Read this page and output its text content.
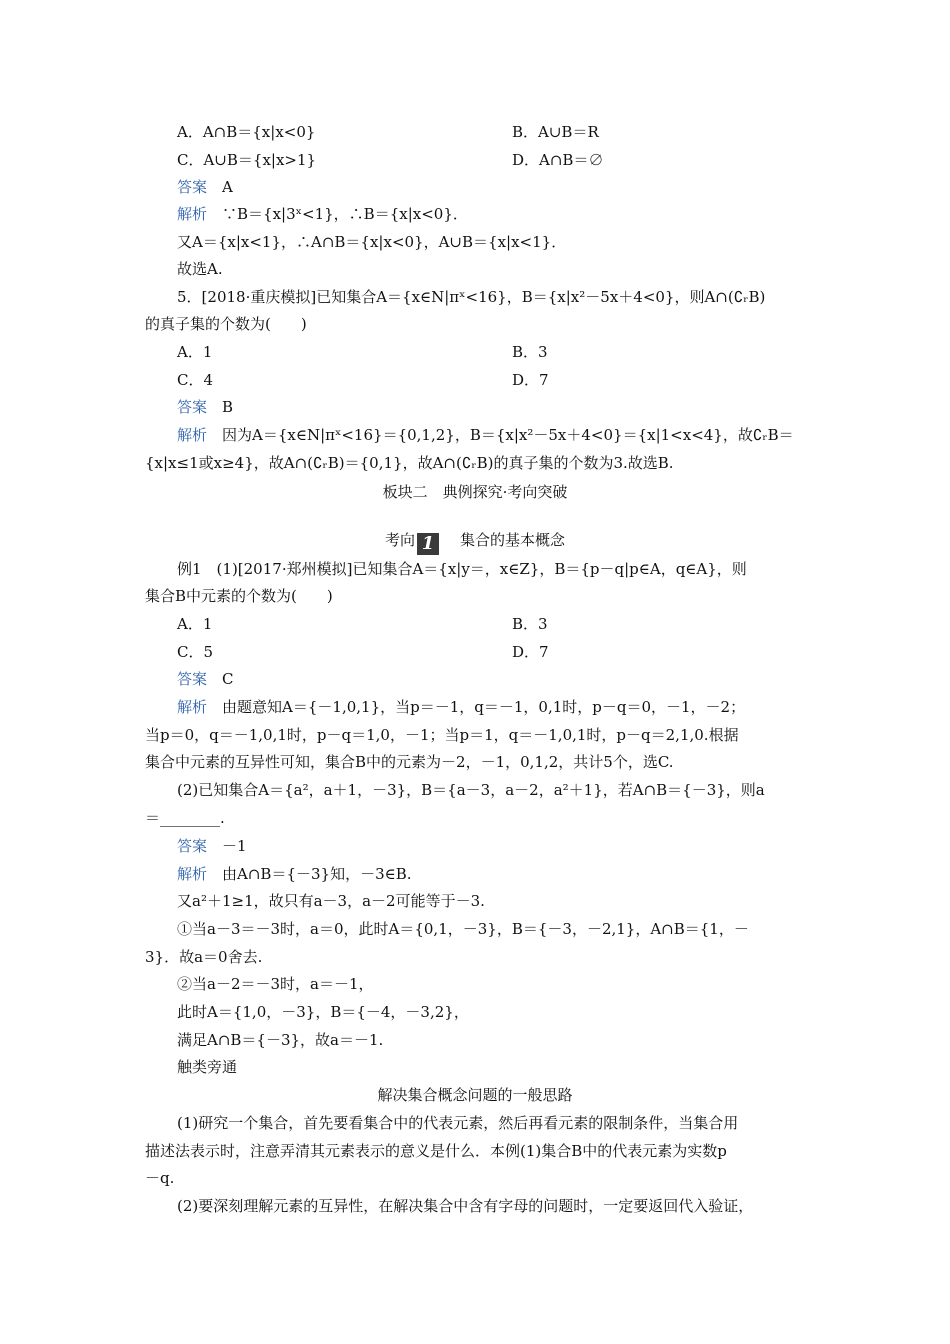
A．A∩B＝{x|x<0}	B．A∪B＝R
C．A∪B＝{x|x>1}	D．A∩B＝∅
答案　 A
解析　 ∵B＝{x|3ˣ<1}，∴B＝{x|x<0}．
又A＝{x|x<1}，∴A∩B＝{x|x<0}，A∪B＝{x|x<1}．
故选A.
5．[2018·重庆模拟]已知集合A＝{x∈N|πˣ<16}，B＝{x|x²－5x＋4<0}，则A∩(∁ᵣB)
的真子集的个数为(　　)
A．1	B．3
C．4	D．7
答案　 B
解析　 因为A＝{x∈N|πˣ<16}＝{0,1,2}，B＝{x|x²－5x＋4<0}＝{x|1<x<4}，故∁ᵣB＝
{x|x≤1或x≥4}，故A∩(∁ᵣB)＝{0,1}，故A∩(∁ᵣB)的真子集的个数为3.故选B.
板块二　典例探究·考向突破
考向 1　 集合的基本概念
例1　(1)[2017·郑州模拟]已知集合A＝{x|y＝，x∈Z}，B＝{p－q|p∈A，q∈A}，则
集合B中元素的个数为(　　)
A．1	B．3
C．5	D．7
答案　 C
解析　 由题意知A＝{－1,0,1}，当p＝－1，q＝－1，0,1时，p－q＝0，－1，－2；
当p＝0，q＝－1,0,1时，p－q＝1,0，－1；当p＝1，q＝－1,0,1时，p－q＝2,1,0.根据
集合中元素的互异性可知，集合B中的元素为－2，－1，0,1,2，共计5个，选C.
(2)已知集合A＝{a²，a＋1，－3}，B＝{a－3，a－2，a²＋1}，若A∩B＝{－3}，则a
＝________.
答案　 －1
解析　 由A∩B＝{－3}知，－3∈B.
又a²＋1≥1，故只有a－3，a－2可能等于－3.
①当a－3＝－3时，a＝0，此时A＝{0,1，－3}，B＝{－3，－2,1}，A∩B＝{1，－
3}．故a＝0舍去.
②当a－2＝－3时，a＝－1，
此时A＝{1,0，－3}，B＝{－4，－3,2}，
满足A∩B＝{－3}，故a＝－1.
触类旁通
解决集合概念问题的一般思路
(1)研究一个集合，首先要看集合中的代表元素，然后再看元素的限制条件，当集合用
描述法表示时，注意弄清其元素表示的意义是什么．本例(1)集合B中的代表元素为实数p
－q.
(2)要深刻理解元素的互异性，在解决集合中含有字母的问题时，一定要返回代入验证，
